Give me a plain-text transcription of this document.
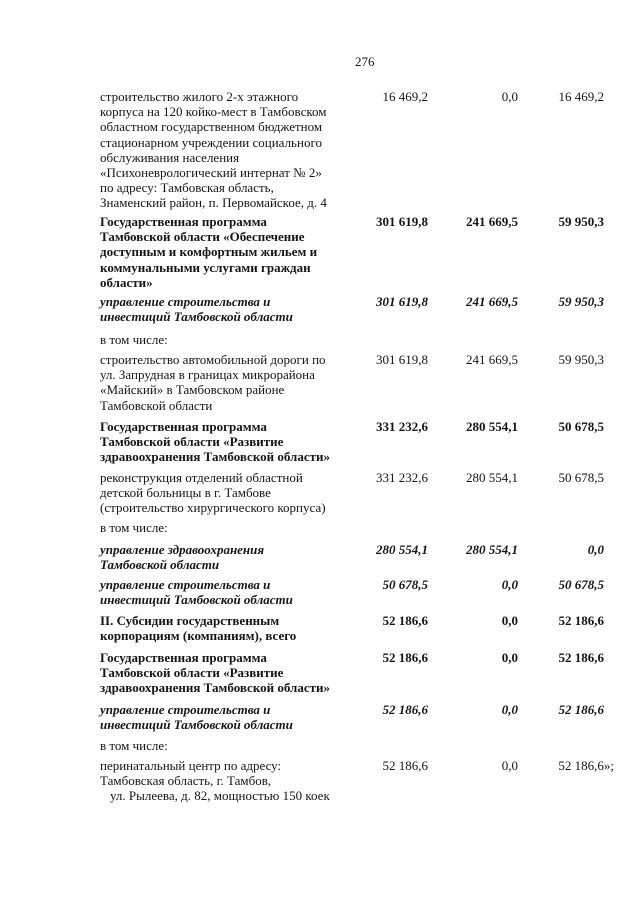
276
строительство жилого 2-х этажного
корпуса на 120 койко-мест в Тамбовском
областном государственном бюджетном
стационарном учреждении социального
обслуживания населения
«Психоневрологический интернат № 2»
по адресу: Тамбовская область,
Знаменский район, п. Первомайское, д. 4
16 469,2	0,0	16 469,2
Государственная программа
Тамбовской области «Обеспечение
доступным и комфортным жильем и
коммунальными услугами граждан
области»
301 619,8	241 669,5	59 950,3
управление строительства и
инвестиций Тамбовской области
301 619,8	241 669,5	59 950,3
в том числе:
строительство автомобильной дороги по
ул. Запрудная в границах микрорайона
«Майский» в Тамбовском районе
Тамбовской области
301 619,8	241 669,5	59 950,3
Государственная программа
Тамбовской области «Развитие
здравоохранения Тамбовской области»
331 232,6	280 554,1	50 678,5
реконструкция отделений областной
детской больницы в г. Тамбове
(строительство хирургического корпуса)
331 232,6	280 554,1	50 678,5
в том числе:
управление здравоохранения
Тамбовской области
280 554,1	280 554,1	0,0
управление строительства и
инвестиций Тамбовской области
50 678,5	0,0	50 678,5
II. Субсидии государственным
корпорациям (компаниям), всего
52 186,6	0,0	52 186,6
Государственная программа
Тамбовской области «Развитие
здравоохранения Тамбовской области»
52 186,6	0,0	52 186,6
управление строительства и
инвестиций Тамбовской области
52 186,6	0,0	52 186,6
в том числе:
перинатальный центр по адресу:
Тамбовская область, г. Тамбов,
ул. Рылеева, д. 82, мощностью 150 коек
52 186,6	0,0	52 186,6»;
